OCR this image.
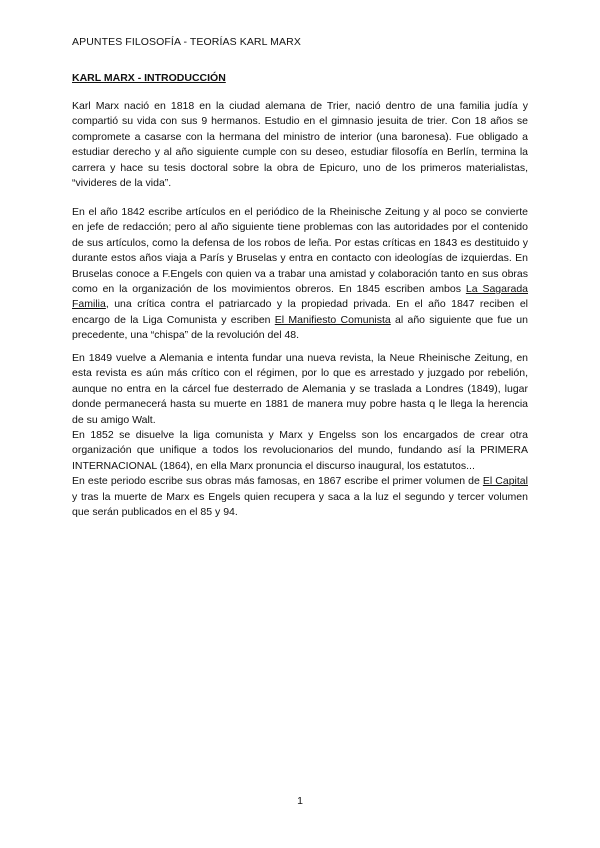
APUNTES FILOSOFÍA - TEORÍAS KARL MARX
KARL MARX - INTRODUCCIÓN

Karl Marx nació en 1818 en la ciudad alemana de Trier, nació dentro de una familia judía y compartió su vida con sus 9 hermanos. Estudio en el gimnasio jesuita de trier. Con 18 años se compromete a casarse con la hermana del ministro de interior (una baronesa). Fue obligado a estudiar derecho y al año siguiente cumple con su deseo, estudiar filosofía en Berlín, termina la carrera y hace su tesis doctoral sobre la obra de Epicuro, uno de los primeros materialistas, “vivideres de la vida”.

En el año 1842 escribe artículos en el periódico de la Rheinische Zeitung y al poco se convierte en jefe de redacción; pero al año siguiente tiene problemas con las autoridades por el contenido de sus artículos, como la defensa de los robos de leña. Por estas críticas en 1843 es destituido y durante estos años viaja a París y Bruselas y entra en contacto con ideologías de izquierdas. En Bruselas conoce a F.Engels con quien va a trabar una amistad y colaboración tanto en sus obras como en la organización de los movimientos obreros. En 1845 escriben ambos La Sagarada Familia, una crítica contra el patriarcado y la propiedad privada. En el año 1847 reciben el encargo de la Liga Comunista y escriben El Manifiesto Comunista al año siguiente que fue un precedente, una “chispa” de la revolución del 48.

En 1849 vuelve a Alemania e intenta fundar una nueva revista, la Neue Rheinische Zeitung, en esta revista es aún más crítico con el régimen, por lo que es arrestado y juzgado por rebelión, aunque no entra en la cárcel fue desterrado de Alemania y se traslada a Londres (1849), lugar donde permanecerá hasta su muerte en 1881 de manera muy pobre hasta q le llega la herencia de su amigo Walt.

En 1852 se disuelve la liga comunista y Marx y Engelss son los encargados de crear otra organización que unifique a todos los revolucionarios del mundo, fundando así la PRIMERA INTERNACIONAL (1864), en ella Marx pronuncia el discurso inaugural, los estatutos...

En este periodo escribe sus obras más famosas, en 1867 escribe el primer volumen de El Capital y tras la muerte de Marx es Engels quien recupera y saca a la luz el segundo y tercer volumen que serán publicados en el 85 y 94.

1
